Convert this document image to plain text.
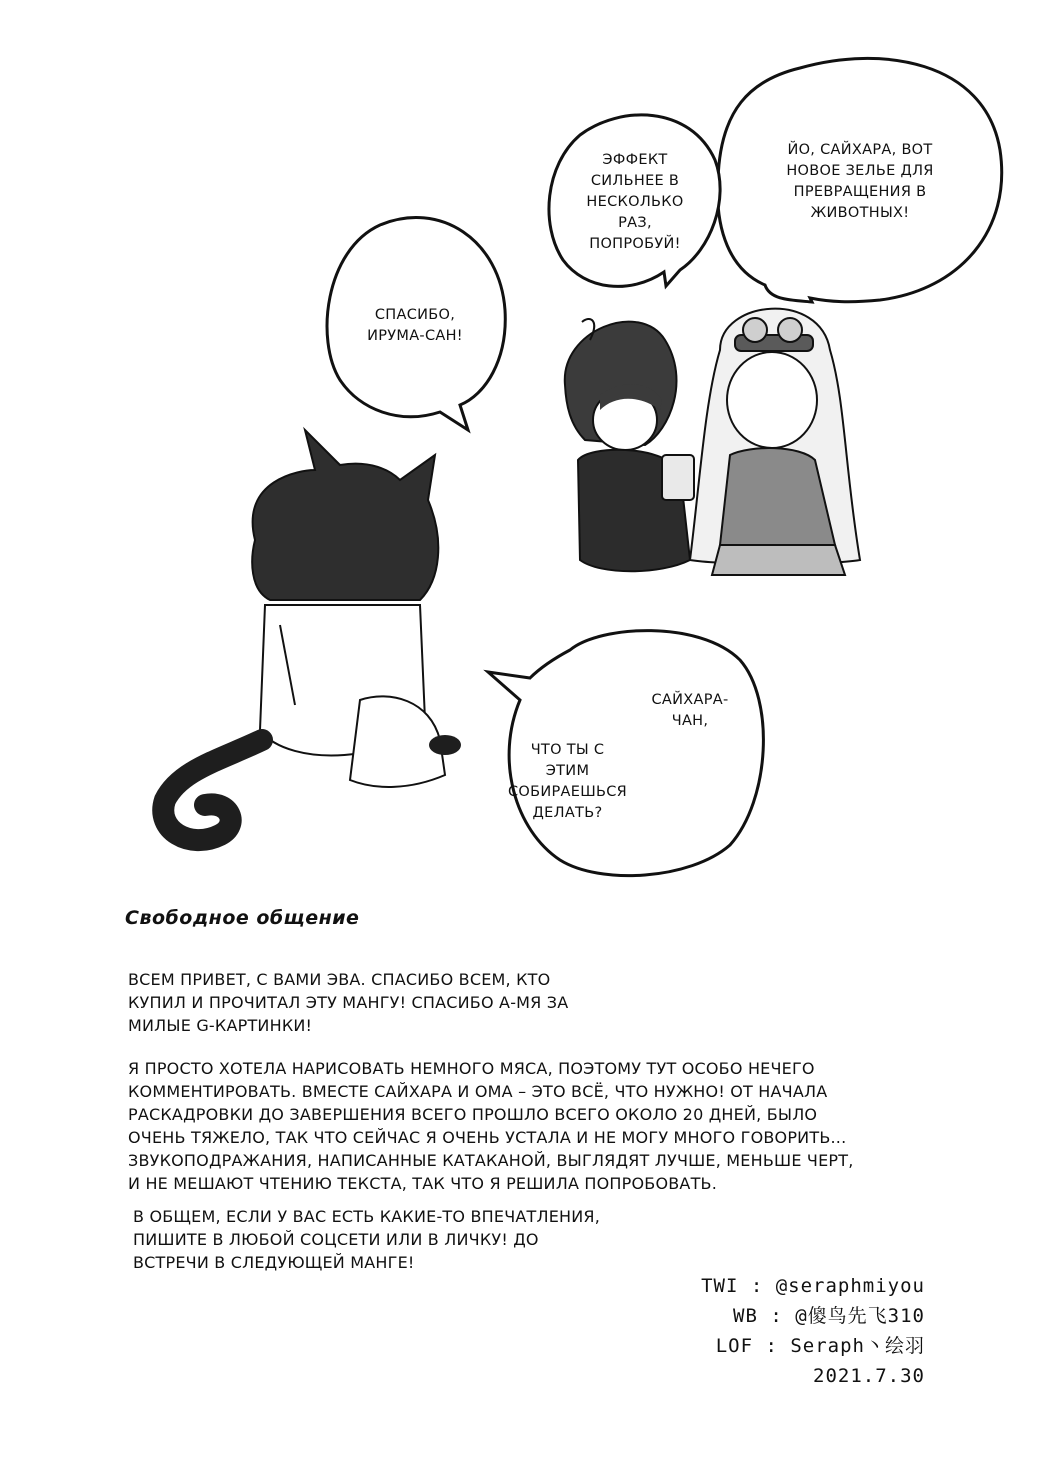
ЙО, САЙХАРА, ВОТ
НОВОЕ ЗЕЛЬЕ ДЛЯ
ПРЕВРАЩЕНИЯ В
ЖИВОТНЫХ!
ЭФФЕКТ
СИЛЬНЕЕ В
НЕСКОЛЬКО
РАЗ,
ПОПРОБУЙ!
СПАСИБО,
ИРУМА-САН!
САЙХАРА-
ЧАН,
ЧТО ТЫ С
ЭТИМ
СОБИРАЕШЬСЯ
ДЕЛАТЬ?
Свободное общение
ВСЕМ ПРИВЕТ, С ВАМИ ЭВА. СПАСИБО ВСЕМ, КТО
КУПИЛ И ПРОЧИТАЛ ЭТУ МАНГУ! СПАСИБО А-МЯ ЗА
МИЛЫЕ G-КАРТИНКИ!
Я ПРОСТО ХОТЕЛА НАРИСОВАТЬ НЕМНОГО МЯСА, ПОЭТОМУ ТУТ ОСОБО НЕЧЕГО
КОММЕНТИРОВАТЬ. ВМЕСТЕ САЙХАРА И ОМА – ЭТО ВСЁ, ЧТО НУЖНО! ОТ НАЧАЛА
РАСКАДРОВКИ ДО ЗАВЕРШЕНИЯ ВСЕГО ПРОШЛО ВСЕГО ОКОЛО 20 ДНЕЙ, БЫЛО
ОЧЕНЬ ТЯЖЕЛО, ТАК ЧТО СЕЙЧАС Я ОЧЕНЬ УСТАЛА И НЕ МОГУ МНОГО ГОВОРИТЬ...
ЗВУКОПОДРАЖАНИЯ, НАПИСАННЫЕ КАТАКАНОЙ, ВЫГЛЯДЯТ ЛУЧШЕ, МЕНЬШЕ ЧЕРТ,
И НЕ МЕШАЮТ ЧТЕНИЮ ТЕКСТА, ТАК ЧТО Я РЕШИЛА ПОПРОБОВАТЬ.
В ОБЩЕМ, ЕСЛИ У ВАС ЕСТЬ КАКИЕ-ТО ВПЕЧАТЛЕНИЯ,
ПИШИТЕ В ЛЮБОЙ СОЦСЕТИ ИЛИ В ЛИЧКУ! ДО
ВСТРЕЧИ В СЛЕДУЮЩЕЙ МАНГЕ!
TWI : @seraphmiyou
WB : @傻鸟先飞310
LOF : Seraph丶绘羽
2021.7.30
